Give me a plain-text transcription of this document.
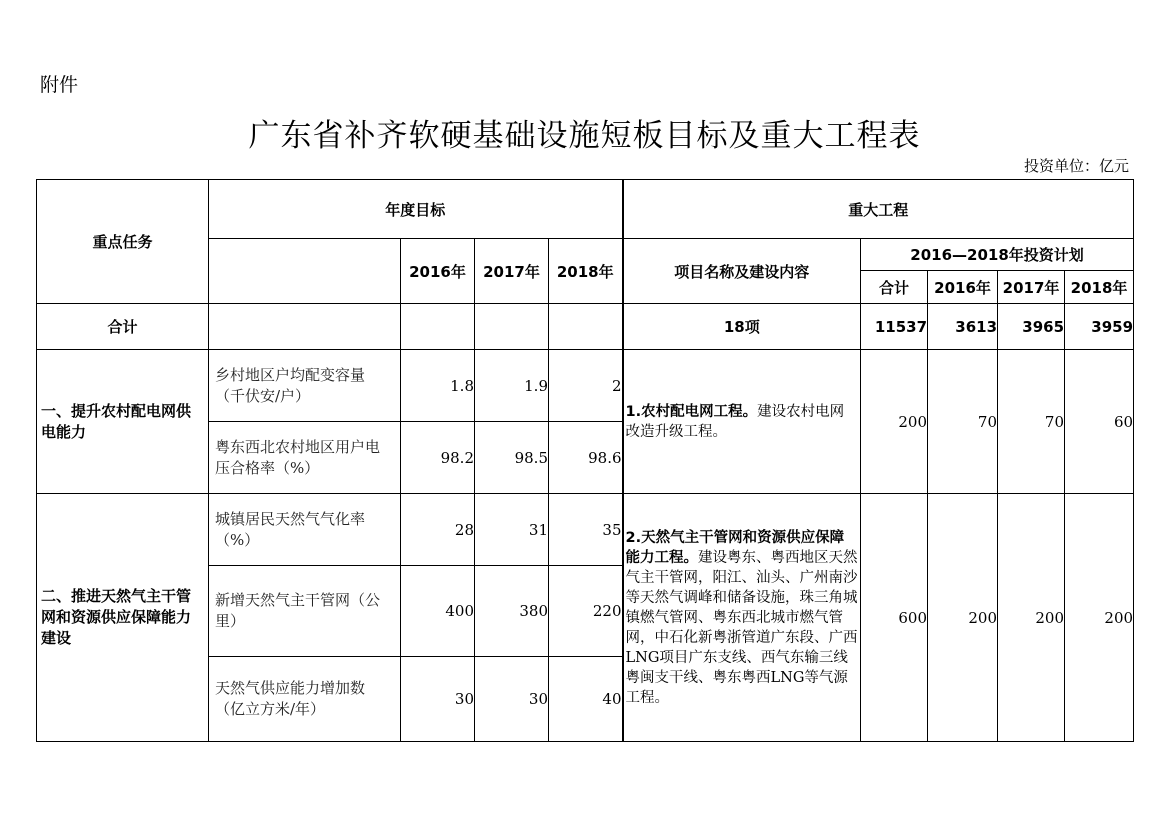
附件
广东省补齐软硬基础设施短板目标及重大工程表
投资单位：亿元
重点任务	年度目标				重大工程				
		2016年	2017年	2018年	项目名称及建设内容	2016—2018年投资计划			
						合计	2016年	2017年	2018年
合计					18项	11537	3613	3965	3959
一、提升农村配电网供电能力	乡村地区户均配变容量（千伏安/户）	1.8	1.9	2	1.农村配电网工程。建设农村电网改造升级工程。	200	70	70	60
	粤东西北农村地区用户电压合格率（%）	98.2	98.5	98.6					
二、推进天然气主干管网和资源供应保障能力建设	城镇居民天然气气化率（%）	28	31	35	2.天然气主干管网和资源供应保障能力工程。建设粤东、粤西地区天然气主干管网，阳江、汕头、广州南沙等天然气调峰和储备设施，珠三角城镇燃气管网、粤东西北城市燃气管网，中石化新粤浙管道广东段、广西LNG项目广东支线、西气东输三线粤闽支干线、粤东粤西LNG等气源工程。	600	200	200	200
	新增天然气主干管网（公里）	400	380	220					
	天然气供应能力增加数（亿立方米/年）	30	30	40					
